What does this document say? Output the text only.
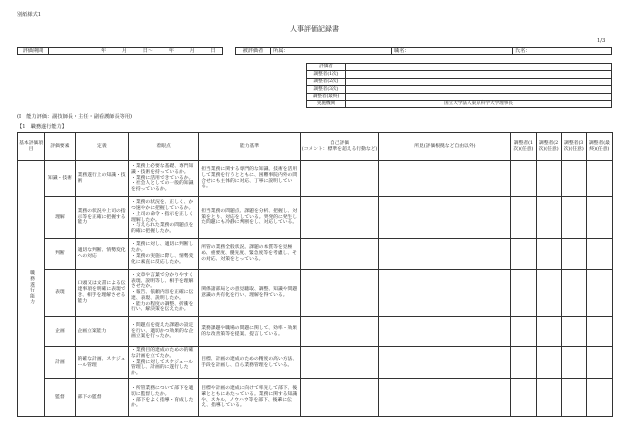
別紙様式1
人事評価記録書
1/3
評価期間	年	月	日～	年	月	日	被評価者	所属：	職名：	氏名：
評価者	
調整者(1次)	
調整者(2次)	
調整者(3次)	
調整者(最終)	
実施機関	国立大学法人東京科学大学理事長
(Ⅰ　能力評価：副技師長・主任・副看護師長等用)
【1　職務遂行能力】
基本評価項目	評価要素	定義	着眼点	能力基準	自己評価
(コメント：標準を超える行動など)	所見(評価根拠など自由以外)	調整者(1次)(任意)	調整者(2次)(任意)	調整者(3次)(任意)	調整者(最終)(任意)
職務遂行能力	知識・技術	業務遂行上の知識・技術	・業務上必要な基礎、専門知識・技術を持っているか。
・業務に活用できているか。
・社会人としての一般的知識を持っているか。	担当業務に関する専門的な知識、技術を活用して業務を行うとともに、困難事院内外の問合せにも主体的に対応、丁寧に説明している。						
	理解	業務の状況や上司の指示等を正確に把握する能力	・業務の状況を、正しく、かつ速やかに把握しているか。
・上司の命令・指示を正しく理解したか。
・与えられた業務の問題点を的確に把握したか。	担当業務の問題点、課題を分析、把握し、対策をとり、対応をしている。突発的に発生した問題にも冷静に判断をし、対応している。						
	判断	適切な判断、情勢変化への対応	・業務に対し、適切に判断したか。
・業務の実施に際し、情勢変化に素直に反応したか。	所管の業務全般状況、課題の本質等を見極め、重要度、優先度、緊急度等を考慮し、その対応、対策をとっている。						
	表現	口頭又は文書による伝達事項を明確に表現でき、相手を理解させる能力	・文章や言葉で分かりやすく表現、説明等し、相手を理解させたか。
・報告、依頼内容を正確に伝達、表現、説明したか。
・能力の程度の調整、折衝を行い、解決策を伝えたか。	関係諸部局との意見聴取、調整、知識や問題意識の共有化を行い、理解を得ている。						
	企画	企画立案能力	・問題点を捉えた課題の設定を行い、適切かつ効果的な企画立案を行ったか。	業務課題や職場の問題に関して、効率・効果的な改善策等を提案、提言している。						
	計画	的確な計画、スケジュール管理	・業務目的達成のための的確な計画を立てたか。
・業務に対してスケジュール管理し、計画的に遂行したか。	目標、計画の達成のための精度の高い方法、手段を計画し、自ら業務管理をしている。						
	監督	部下の監督	・所管業務について部下を適切に監督したか。
・部下をよく指導・育成したか。	目標や計画の達成に向けて率先して部下、後輩とともにあたっている。業務に関する知識や、スキル、ノウハウ等を部下、後輩に伝え、指導している。						
